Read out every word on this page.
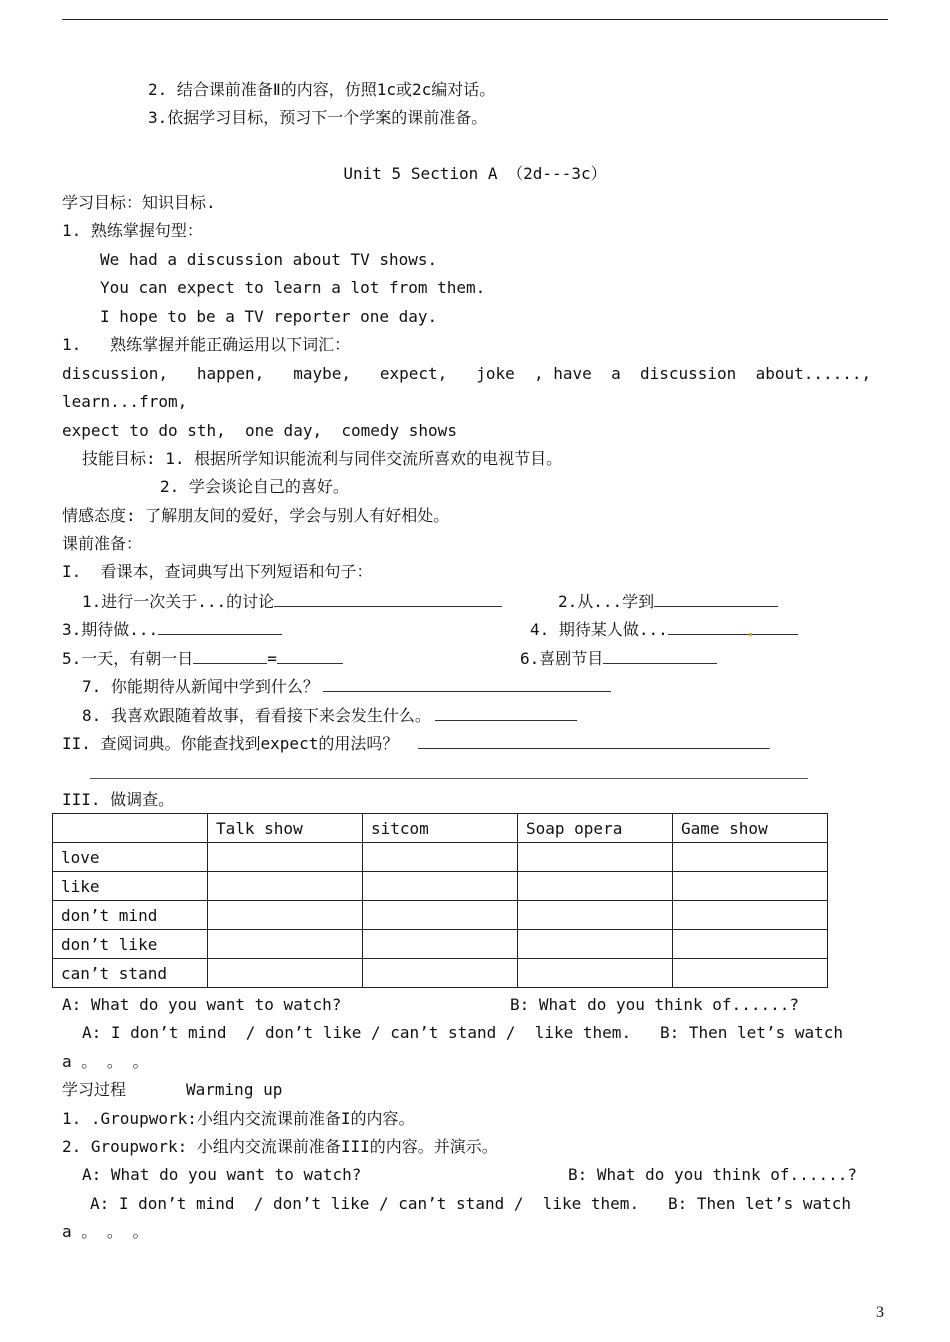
2. 结合课前准备Ⅱ的内容，仿照1c或2c编对话。
3.依据学习目标，预习下一个学案的课前准备。
Unit 5 Section A （2d---3c）
学习目标：知识目标.
1. 熟练掌握句型：
We had a discussion about TV shows.
You can expect to learn a lot from them.
I hope to be a TV reporter one day.
1.   熟练掌握并能正确运用以下词汇：
discussion,   happen,   maybe,   expect,   joke  , have  a  discussion  about......,
learn...from,
expect to do sth,  one day,  comedy shows
技能目标: 1. 根据所学知识能流利与同伴交流所喜欢的电视节目。
2. 学会谈论自己的喜好。
情感态度: 了解朋友间的爱好，学会与别人有好相处。
课前准备：
I.  看课本，查词典写出下列短语和句子：
1.进行一次关于...的讨论	2.从...学到
3.期待做...	4. 期待某人做...
5.一天，有朝一日	=	6.喜剧节目
7. 你能期待从新闻中学到什么？
8. 我喜欢跟随着故事，看看接下来会发生什么。
II. 查阅词典。你能查找到expect的用法吗？
III. 做调查。
	Talk show	sitcom	Soap opera	Game show
love				
like				
don’t mind				
don’t like				
can’t stand				
A: What do you want to watch?	B: What do you think of......?
A: I don’t mind  / don’t like / can’t stand /  like them.   B: Then let’s watch
a 。 。 。
学习过程	Warming up
1. .Groupwork:小组内交流课前准备I的内容。
2. Groupwork: 小组内交流课前准备III的内容。并演示。
A: What do you want to watch?	B: What do you think of......?
A: I don’t mind  / don’t like / can’t stand /  like them.   B: Then let’s watch
a 。 。 。
3
